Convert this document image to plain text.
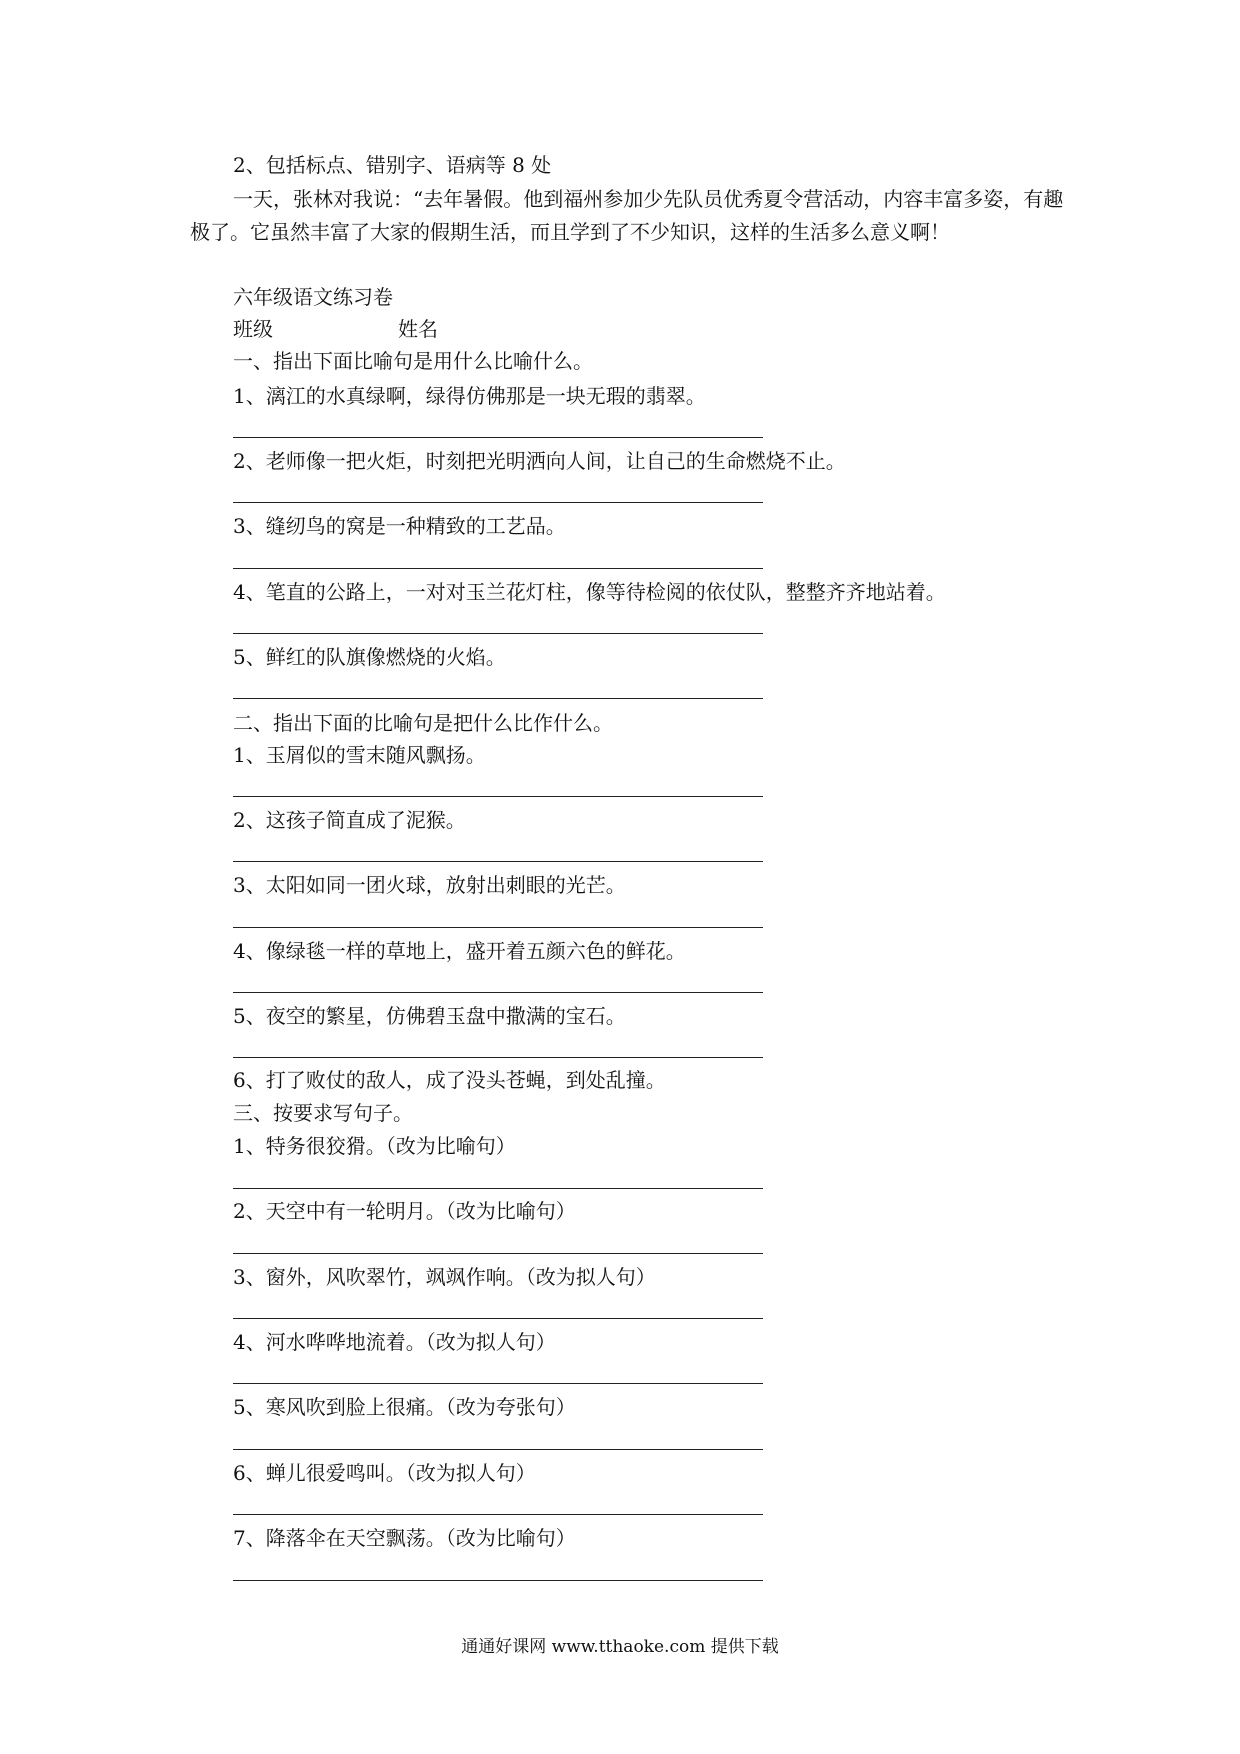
2、包括标点、错别字、语病等 8 处
一天，张林对我说：“去年暑假。他到福州参加少先队员优秀夏令营活动，内容丰富多姿，有趣极了。它虽然丰富了大家的假期生活，而且学到了不少知识，这样的生活多么意义啊！
六年级语文练习卷
班级	姓名
一、指出下面比喻句是用什么比喻什么。
1、漓江的水真绿啊，绿得仿佛那是一块无瑕的翡翠。
2、老师像一把火炬，时刻把光明洒向人间，让自己的生命燃烧不止。
3、缝纫鸟的窝是一种精致的工艺品。
4、笔直的公路上，一对对玉兰花灯柱，像等待检阅的依仗队，整整齐齐地站着。
5、鲜红的队旗像燃烧的火焰。
二、指出下面的比喻句是把什么比作什么。
1、玉屑似的雪末随风飘扬。
2、这孩子简直成了泥猴。
3、太阳如同一团火球，放射出刺眼的光芒。
4、像绿毯一样的草地上，盛开着五颜六色的鲜花。
5、夜空的繁星，仿佛碧玉盘中撒满的宝石。
6、打了败仗的敌人，成了没头苍蝇，到处乱撞。
三、按要求写句子。
1、特务很狡猾。（改为比喻句）
2、天空中有一轮明月。（改为比喻句）
3、窗外，风吹翠竹，飒飒作响。（改为拟人句）
4、河水哗哗地流着。（改为拟人句）
5、寒风吹到脸上很痛。（改为夸张句）
6、蝉儿很爱鸣叫。（改为拟人句）
7、降落伞在天空飘荡。（改为比喻句）
通通好课网 www.tthaoke.com 提供下载
